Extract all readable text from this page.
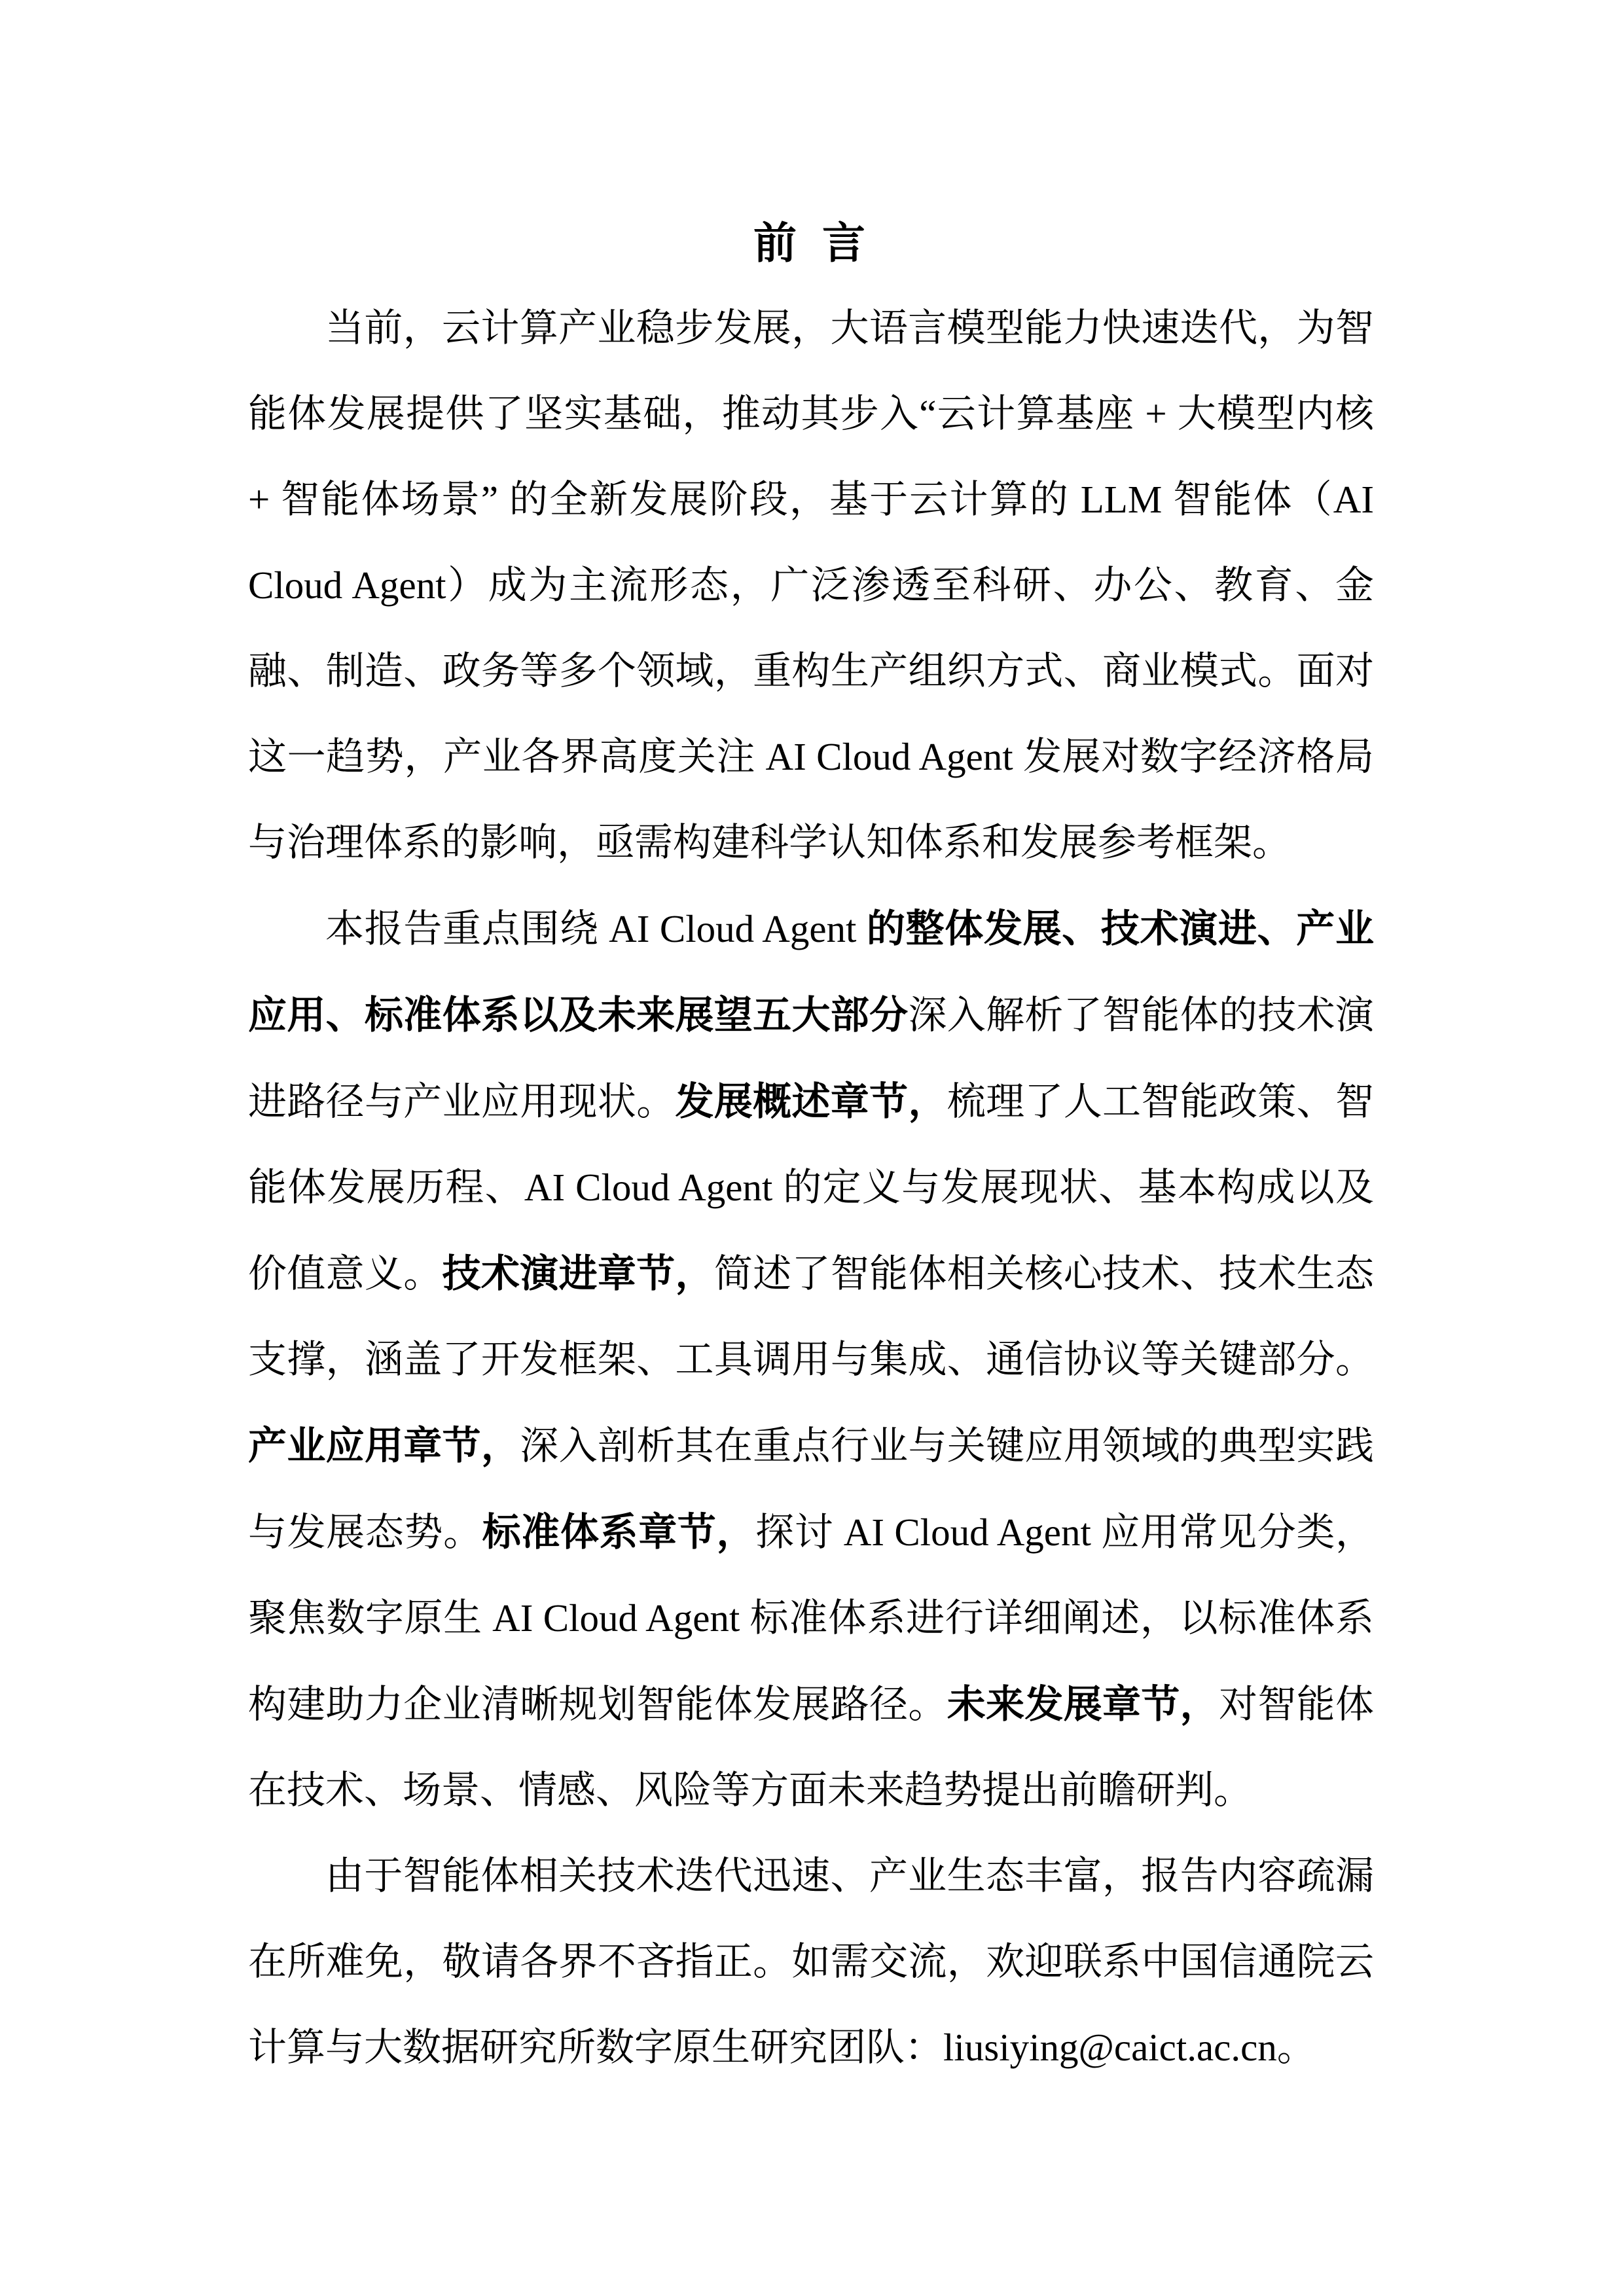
前 言

当前，云计算产业稳步发展，大语言模型能力快速迭代，为智能体发展提供了坚实基础，推动其步入“云计算基座 + 大模型内核 + 智能体场景” 的全新发展阶段，基于云计算的 LLM 智能体（AI Cloud Agent）成为主流形态，广泛渗透至科研、办公、教育、金融、制造、政务等多个领域，重构生产组织方式、商业模式。面对这一趋势，产业各界高度关注 AI Cloud Agent 发展对数字经济格局与治理体系的影响，亟需构建科学认知体系和发展参考框架。

本报告重点围绕 AI Cloud Agent 的整体发展、技术演进、产业应用、标准体系以及未来展望五大部分深入解析了智能体的技术演进路径与产业应用现状。发展概述章节，梳理了人工智能政策、智能体发展历程、AI Cloud Agent 的定义与发展现状、基本构成以及价值意义。技术演进章节，简述了智能体相关核心技术、技术生态支撑，涵盖了开发框架、工具调用与集成、通信协议等关键部分。产业应用章节，深入剖析其在重点行业与关键应用领域的典型实践与发展态势。标准体系章节，探讨 AI Cloud Agent 应用常见分类，聚焦数字原生 AI Cloud Agent 标准体系进行详细阐述，以标准体系构建助力企业清晰规划智能体发展路径。未来发展章节，对智能体在技术、场景、情感、风险等方面未来趋势提出前瞻研判。

由于智能体相关技术迭代迅速、产业生态丰富，报告内容疏漏在所难免，敬请各界不吝指正。如需交流，欢迎联系中国信通院云计算与大数据研究所数字原生研究团队：liusiying@caict.ac.cn。
